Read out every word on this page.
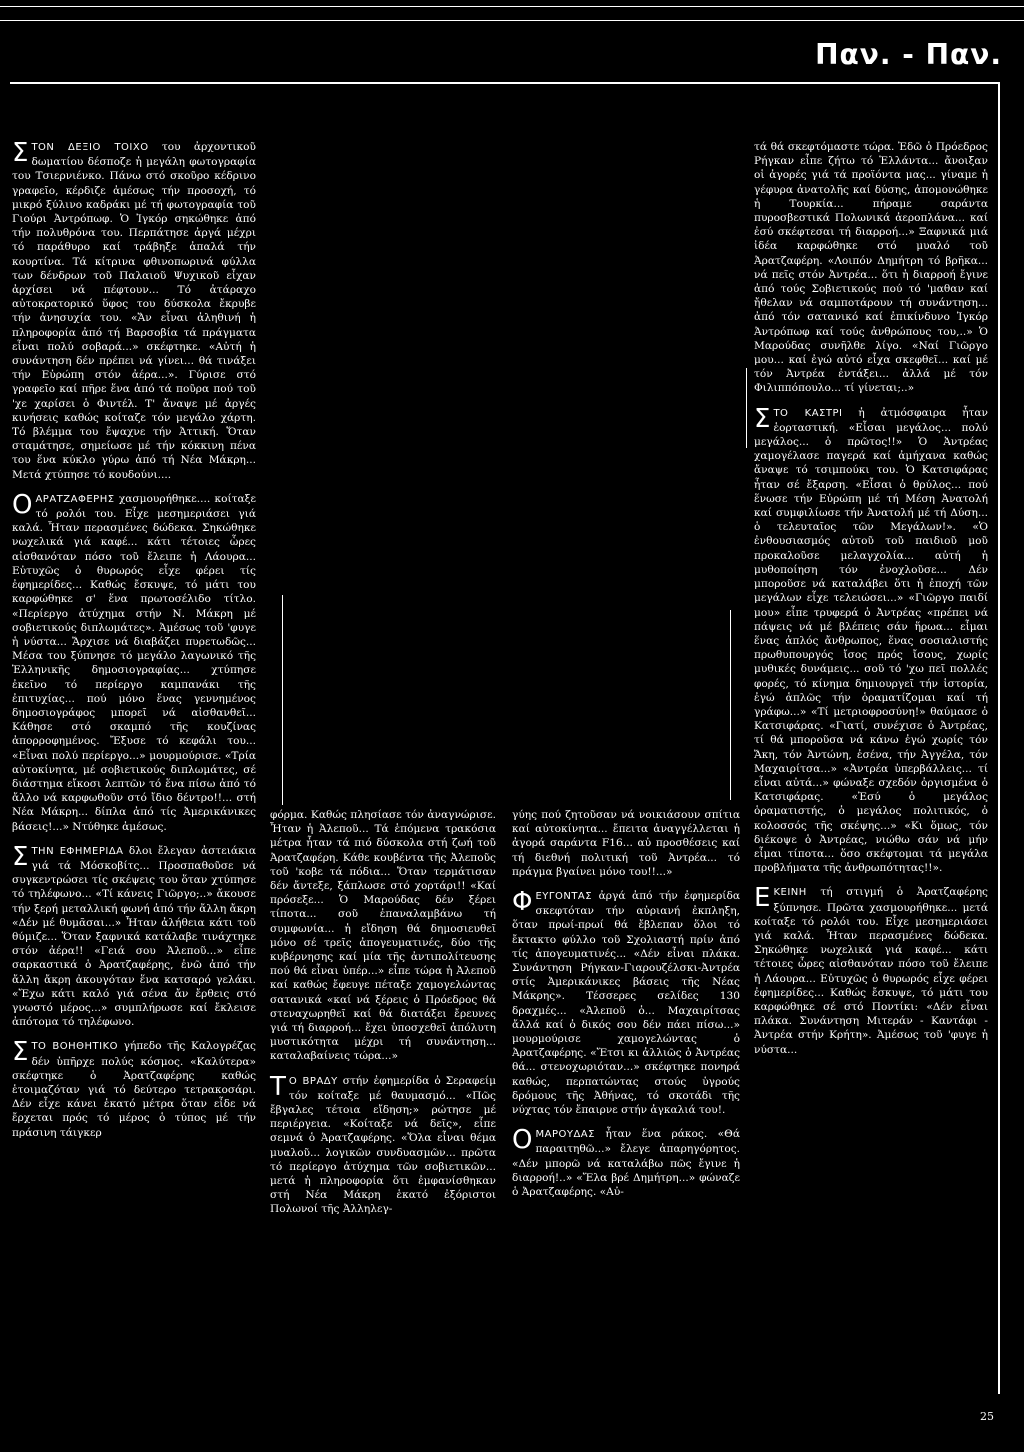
Παν. - Παν.

ΣΤΟΝ ΔΕΞΙΟ ΤΟΙΧΟ του ἀρχοντικοῦ δωματίου δέσποζε ἡ μεγάλη φωτογραφία του Τσιερνιένκο. Πάνω στό σκοῦρο κέδρινο γραφεῖο, κέρδιζε ἀμέσως τήν προσοχή, τό μικρό ξύλινο καδράκι μέ τή φωτογραφία τοῦ Γιούρι Ἀντρόπωφ. Ὁ Ἰγκόρ σηκώθηκε ἀπό τήν πολυθρόνα του. Περπάτησε ἀργά μέχρι τό παράθυρο καί τράβηξε ἀπαλά τήν κουρτίνα. Τά κίτρινα φθινοπωρινά φύλλα των δένδρων τοῦ Παλαιοῦ Ψυχικοῦ εἶχαν ἀρχίσει νά πέφτουν... Τό ἀτάραχο αὐτοκρατορικό ὕφος του δύσκολα ἔκρυβε τήν ἀνησυχία του. «Ἄν εἶναι ἀληθινή ἡ πληροφορία ἀπό τή Βαρσοβία τά πράγματα εἶναι πολύ σοβαρά...» σκέφτηκε. «Αὐτή ἡ συνάντηση δέν πρέπει νά γίνει... θά τινάξει τήν Εὐρώπη στόν ἀέρα...». Γύρισε στό γραφεῖο καί πῆρε ἕνα ἀπό τά ποῦρα πού τοῦ 'χε χαρίσει ὁ Φιντέλ. Τ' ἄναψε μέ ἀργές κινήσεις καθώς κοίταζε τόν μεγάλο χάρτη. Τό βλέμμα του ἔψαχνε τήν Ἀττική. Ὅταν σταμάτησε, σημείωσε μέ τήν κόκκινη πένα του ἕνα κύκλο γύρω ἀπό τή Νέα Μάκρη... Μετά χτύπησε τό κουδούνι....

ΟΑΡΑΤΖΑΦΕΡΗΣ χασμουρήθηκε.... κοίταξε τό ρολόι του. Εἶχε μεσημεριάσει γιά καλά. Ἦταν περασμένες δώδεκα. Σηκώθηκε νωχελικά γιά καφέ... κάτι τέτοιες ὧρες αἰσθανόταν πόσο τοῦ ἔλειπε ἡ Λάουρα... Εὐτυχῶς ὁ θυρωρός εἶχε φέρει τίς ἐφημερίδες... Καθώς ἔσκυψε, τό μάτι του καρφώθηκε σ' ἕνα πρωτοσέλιδο τίτλο. «Περίεργο ἀτύχημα στήν Ν. Μάκρη μέ σοβιετικούς διπλωμάτες». Ἀμέσως τοῦ 'φυγε ἡ νύστα... Ἄρχισε νά διαβάζει πυρετωδῶς... Μέσα του ξύπνησε τό μεγάλο λαγωνικό τῆς Ἑλληνικῆς δημοσιογραφίας... χτύπησε ἐκεῖνο τό περίεργο καμπανάκι τῆς ἐπιτυχίας... πού μόνο ἕνας γεννημένος δημοσιογράφος μπορεῖ νά αἰσθανθεῖ... Κάθησε στό σκαμπό τῆς κουζίνας ἀπορροφημένος. Ἔξυσε τό κεφάλι του... «Εἶναι πολύ περίεργο...» μουρμούρισε. «Τρία αὐτοκίνητα, μέ σοβιετικούς διπλωμάτες, σέ διάστημα εἴκοσι λεπτῶν τό ἕνα πίσω ἀπό τό ἄλλο νά καρφωθοῦν στό ἴδιο δέντρο!!... στή Νέα Μάκρη... δίπλα ἀπό τίς Ἀμερικάνικες βάσεις!...» Ντύθηκε ἀμέσως.

ΣΤΗΝ ΕΦΗΜΕΡΙΔΑ δλοι ἔλεγαν ἀστειάκια γιά τά Μόσκοβίτς... Προσπαθοῦσε νά συγκεντρώσει τίς σκέψεις του ὅταν χτύπησε τό τηλέφωνο... «Τί κάνεις Γιῶργο;..» ἄκουσε τήν ξερή μεταλλική φωνή ἀπό τήν ἄλλη ἄκρη «Δέν μέ θυμᾶσαι...» Ἦταν ἀλήθεια κάτι τοῦ θύμιζε... Ὅταν ξαφνικά κατάλαβε τινάχτηκε στόν ἀέρα!! «Γειά σου Ἀλεποῦ...» εἶπε σαρκαστικά ὁ Ἀρατζαφέρης, ἐνῶ ἀπό τήν ἄλλη ἄκρη ἀκουγόταν ἕνα κατσαρό γελάκι. «Ἔχω κάτι καλό γιά σένα ἄν ἔρθεις στό γνωστό μέρος...» συμπλήρωσε καί ἔκλεισε ἀπότομα τό τηλέφωνο.

ΣΤΟ ΒΟΗΘΗΤΙΚΟ γήπεδο τῆς Καλογρέζας δέν ὑπῆρχε πολύς κόσμος. «Καλύτερα» σκέφτηκε ὁ Ἀρατζαφέρης καθώς ἑτοιμαζόταν γιά τό δεύτερο τετρακοσάρι. Δέν εἶχε κάνει ἑκατό μέτρα ὅταν εἶδε νά ἔρχεται πρός τό μέρος ὁ τύπος μέ τήν πράσινη τάιγκερ

φόρμα. Καθώς πλησίασε τόν ἀναγνώρισε. Ἦταν ἡ Ἀλεποῦ... Τά ἑπόμενα τρακόσια μέτρα ἦταν τά πιό δύσκολα στή ζωή τοῦ Ἀρατζαφέρη. Κάθε κουβέντα τῆς Ἀλεποῦς τοῦ 'κοβε τά πόδια... Ὅταν τερμάτισαν δέν ἄντεξε, ξάπλωσε στό χορτάρι!! «Καί πρόσεξε... Ὁ Μαρούδας δέν ξέρει τίποτα... σοῦ ἐπαναλαμβάνω τή συμφωνία... ἡ εἴδηση θά δημοσιευθεῖ μόνο σέ τρεῖς ἀπογευματινές, δύο τῆς κυβέρνησης καί μία τῆς ἀντιπολίτευσης πού θά εἶναι ὑπέρ...» εἶπε τώρα ἡ Ἀλεποῦ καί καθώς ἔφευγε πέταξε χαμογελώντας σατανικά «καί νά ξέρεις ὁ Πρόεδρος θά στεναχωρηθεῖ καί θά διατάξει ἔρευνες γιά τή διαρροή... ἔχει ὑποσχεθεῖ ἀπόλυτη μυστικότητα μέχρι τή συνάντηση... καταλαβαίνεις τώρα...»

Τ Ο ΒΡΑΔΥ στήν ἐφημερίδα ὁ Σεραφείμ τόν κοίταξε μέ θαυμασμό... «Πῶς ἔβγαλες τέτοια εἴδηση;» ρώτησε μέ περιέργεια. «Κοίταξε νά δεῖς», εἶπε σεμνά ὁ Ἀρατζαφέρης. «Ὅλα εἶναι θέμα μυαλοῦ... λογικῶν συνδυασμῶν... πρῶτα τό περίεργο ἀτύχημα τῶν σοβιετικῶν... μετά ἡ πληροφορία ὅτι ἐμφανίσθηκαν στή Νέα Μάκρη ἑκατό ἐξόριστοι Πολωνοί τῆς Ἀλληλεγ-

γύης πού ζητοῦσαν νά νοικιάσουν σπίτια καί αὐτοκίνητα... ἔπειτα ἀναγγέλλεται ἡ ἀγορά σαράντα F16... αὐ προσθέσεις καί τή διεθνή πολιτική τοῦ Ἀντρέα... τό πράγμα βγαίνει μόνο του!!...»

ΦΕΥΓΟΝΤΑΣ ἀργά ἀπό τήν ἐφημερίδα σκεφτόταν τήν αὐριανή ἐκπληξη, ὅταν πρωί-πρωί θά ἔβλεπαν ὅλοι τό ἔκτακτο φύλλο τοῦ Σχολιαστή πρίν ἀπό τίς ἀπογευματινές... «Δέν εἶναι πλάκα. Συνάντηση Ρήγκαν-Γιαρουζέλσκι-Ἀντρέα στίς Ἀμερικάνικες βάσεις τῆς Νέας Μάκρης». Τέσσερες σελίδες 130 δραχμές... «Ἀλεποῦ ὁ... Μαχαιρίτσας ἄλλά καί ὁ δικός σου δέν πάει πίσω...» μουρμούρισε χαμογελώντας ὁ Ἀρατζαφέρης. «Ἔτσι κι ἀλλιῶς ὁ Ἀντρέας θά... στενοχωριόταν...» σκέφτηκε πονηρά καθώς, περπατώντας στούς ὑγρούς δρόμους τῆς Ἀθήνας, τό σκοτάδι τῆς νύχτας τόν ἔπαιρνε στήν ἀγκαλιά του!.

ΟΜΑΡΟΥΔΑΣ ἦταν ἕνα ράκος. «Θά παραιτηθῶ...» ἔλεγε ἀπαρηγόρητος. «Δέν μπορῶ νά καταλάβω πῶς ἔγινε ἡ διαρροή!..» «Ἔλα βρέ Δημήτρη...» φώναζε ὁ Ἀρατζαφέρης. «Αὐ-

τά θά σκεφτόμαστε τώρα. Ἐδῶ ὁ Πρόεδρος Ρήγκαν εἶπε ζήτω τό Ἑλλάντα... ἄνοιξαν οἱ ἀγορές γιά τά προϊόντα μας... γίναμε ἡ γέφυρα ἀνατολῆς καί δύσης, ἀπομονώθηκε ἡ Τουρκία... πήραμε σαράντα πυροσβεστικά Πολωνικά ἀεροπλάνα... καί ἐσύ σκέφτεσαι τή διαρροή...» Ξαφνικά μιά ἰδέα καρφώθηκε στό μυαλό τοῦ Ἀρατζαφέρη. «Λοιπόν Δημήτρη τό βρῆκα... νά πεῖς στόν Ἀντρέα... ὅτι ἡ διαρροή ἔγινε ἀπό τούς Σοβιετικούς πού τό 'μαθαν καί ἤθελαν νά σαμποτάρουν τή συνάντηση... ἀπό τόν σατανικό καί ἐπικίνδυνο Ἰγκόρ Ἀντρόπωφ καί τούς ἀνθρώπους του,..» Ὁ Μαρούδας συνῆλθε λίγο. «Ναί Γιῶργο μου... καί ἐγώ αὐτό εἶχα σκεφθεῖ... καί μέ τόν Ἀντρέα ἐντάξει... ἀλλά μέ τόν Φιλιππόπουλο... τί γίνεται;..»

ΣΤΟ ΚΑΣΤΡΙ ἡ ἀτμόσφαιρα ἦταν ἑορταστική. «Εἶσαι μεγάλος... πολύ μεγάλος... ὁ πρῶτος!!» Ὁ Ἀντρέας χαμογέλασε παγερά καί ἀμήχανα καθώς ἄναψε τό τσιμπούκι του. Ὁ Κατσιφάρας ἦταν σέ ἔξαρση. «Εἶσαι ὁ θρύλος... πού ἕνωσε τήν Εὐρώπη μέ τή Μέση Ἀνατολή καί συμφιλίωσε τήν Ἀνατολή μέ τή Δύση... ὁ τελευταῖος τῶν Μεγάλων!». «Ὁ ἐνθουσιασμός αὐτοῦ τοῦ παιδιοῦ μοῦ προκαλοῦσε μελαγχολία... αὐτή ἡ μυθοποίηση τόν ἐνοχλοῦσε... Δέν μποροῦσε νά καταλάβει ὅτι ἡ ἐποχή τῶν μεγάλων εἶχε τελειώσει...» «Γιῶργο παιδί μου» εἶπε τρυφερά ὁ Ἀντρέας «πρέπει νά πάψεις νά μέ βλέπεις σάν ἥρωα... εἶμαι ἕνας ἁπλός ἄνθρωπος, ἕνας σοσιαλιστής πρωθυπουργός ἴσος πρός ἴσους, χωρίς μυθικές δυνάμεις... σοῦ τό 'χω πεῖ πολλές φορές, τό κίνημα δημιουργεῖ τήν ἱστορία, ἐγώ ἁπλῶς τήν ὁραματίζομαι καί τή γράφω...» «Τί μετριοφροσύνη!» θαύμασε ὁ Κατσιφάρας. «Γιατί, συνέχισε ὁ Ἀντρέας, τί θά μποροῦσα νά κάνω ἐγώ χωρίς τόν Ἄκη, τόν Ἀντώνη, ἐσένα, τήν Ἀγγέλα, τόν Μαχαιρίτσα...» «Ἀντρέα ὑπερβάλλεις... τί εἶναι αὐτά...» φώναξε σχεδόν ὀργισμένα ὁ Κατσιφάρας. «Ἐσύ ὁ μεγάλος ὁραματιστής, ὁ μεγάλος πολιτικός, ὁ κολοσσός τῆς σκέψης...» «Κι ὅμως, τόν διέκοψε ὁ Ἀντρέας, νιώθω σάν νά μήν εἶμαι τίποτα... ὅσο σκέφτομαι τά μεγάλα προβλήματα τῆς ἀνθρωπότητας!!».

ΕΚΕΙΝΗ τή στιγμή ὁ Ἀρατζαφέρης ξύπνησε. Πρῶτα χασμουρήθηκε... μετά κοίταξε τό ρολόι του. Εἶχε μεσημεριάσει γιά καλά. Ἦταν περασμένες δώδεκα. Σηκώθηκε νωχελικά γιά καφέ... κάτι τέτοιες ὧρες αἰσθανόταν πόσο τοῦ ἔλειπε ἡ Λάουρα... Εὐτυχῶς ὁ θυρωρός εἶχε φέρει ἐφημερίδες... Καθώς ἔσκυψε, τό μάτι του καρφώθηκε σέ στό Ποντίκι: «Δέν εἶναι πλάκα. Συνάντηση Μιτεράν - Καντάφι - Ἀντρέα στήν Κρήτη». Ἀμέσως τοῦ 'φυγε ἡ νύστα...

25
